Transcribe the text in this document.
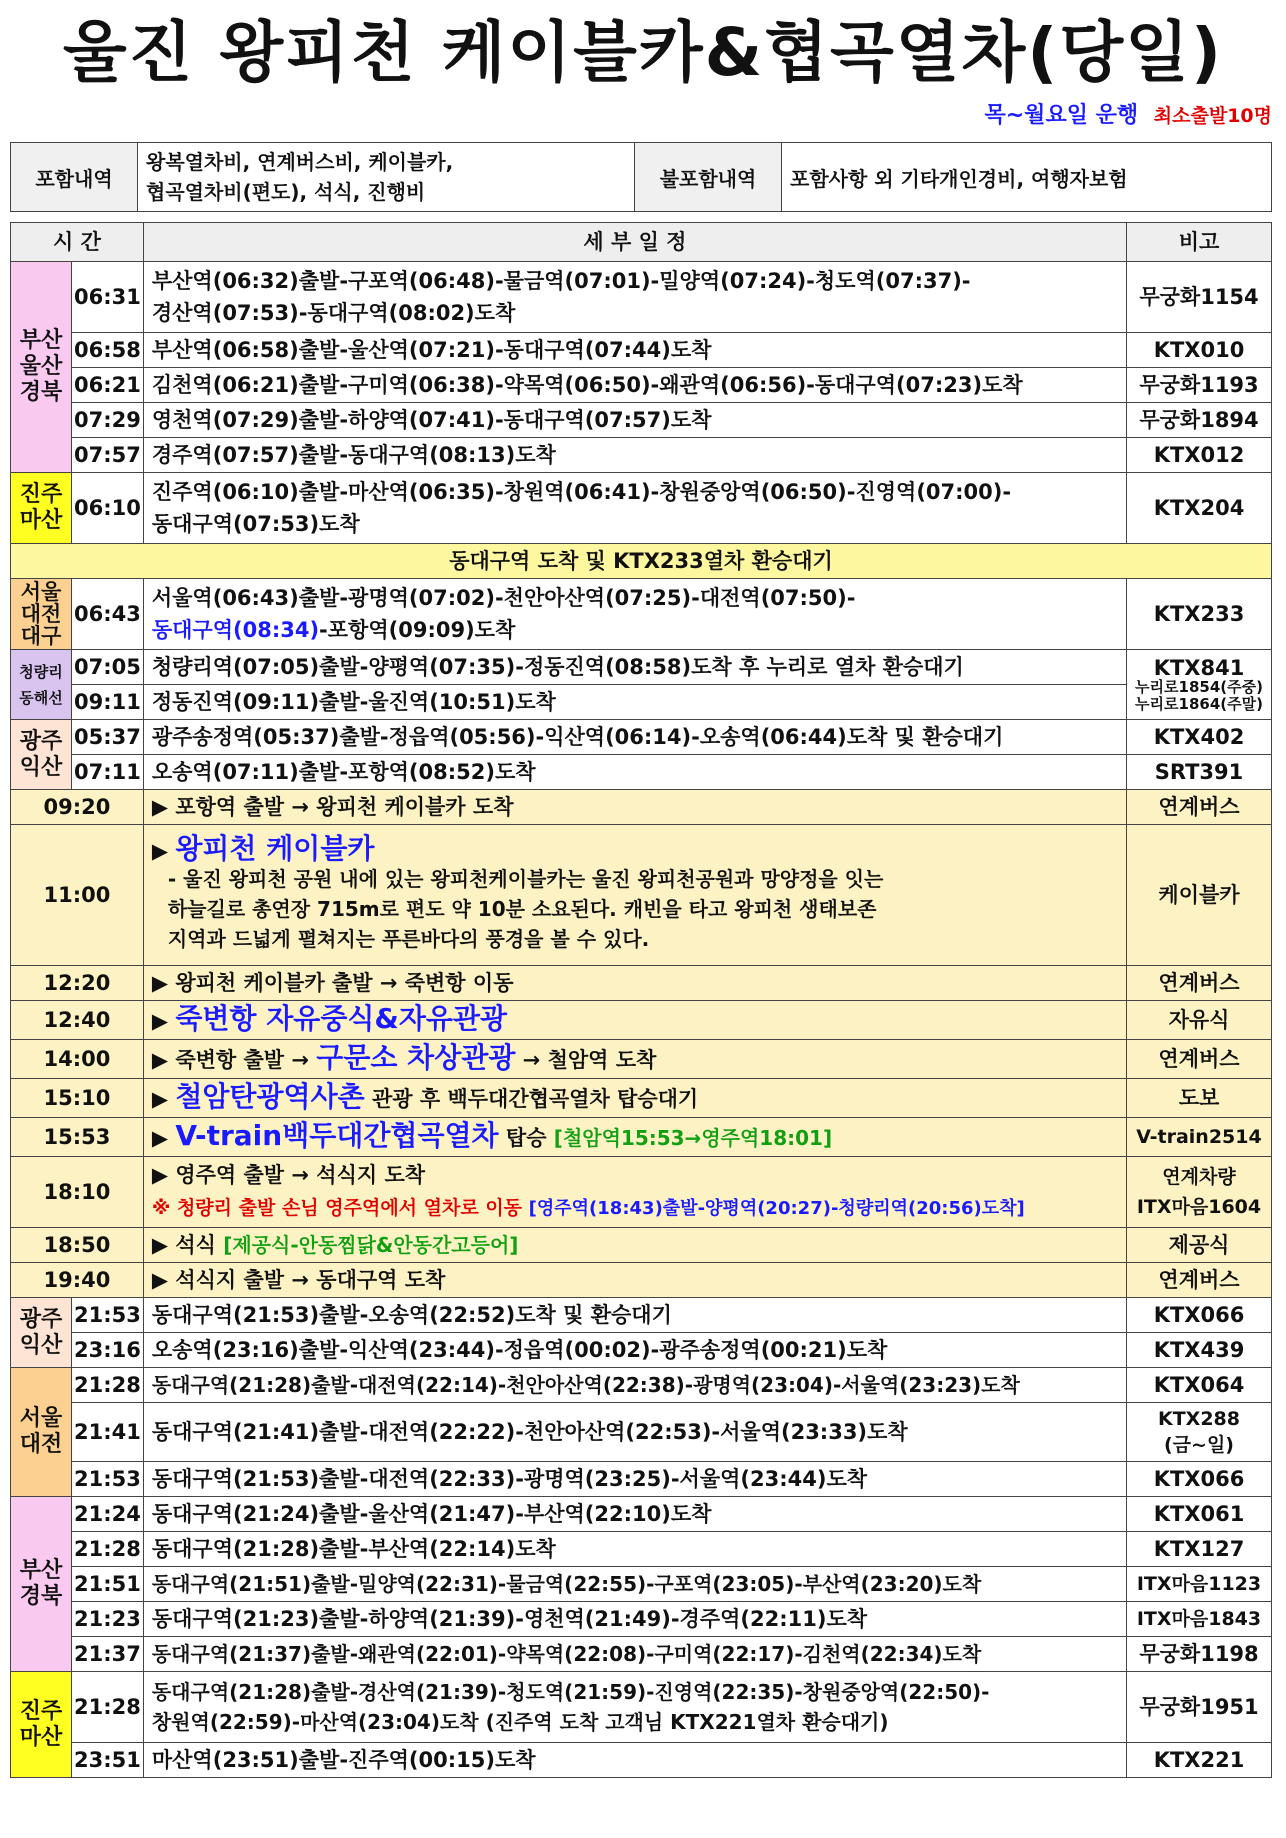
울진 왕피천 케이블카&협곡열차(당일)
목~월요일 운행 최소출발10명
포함내역	왕복열차비, 연계버스비, 케이블카,
협곡열차비(편도), 석식, 진행비	불포함내역	포함사항 외 기타개인경비, 여행자보험
시 간		세 부 일 정	비고
부산
울산
경북	06:31	부산역(06:32)출발-구포역(06:48)-물금역(07:01)-밀양역(07:24)-청도역(07:37)-
경산역(07:53)-동대구역(08:02)도착	무궁화1154
	06:58	부산역(06:58)출발-울산역(07:21)-동대구역(07:44)도착	KTX010
	06:21	김천역(06:21)출발-구미역(06:38)-약목역(06:50)-왜관역(06:56)-동대구역(07:23)도착	무궁화1193
	07:29	영천역(07:29)출발-하양역(07:41)-동대구역(07:57)도착	무궁화1894
	07:57	경주역(07:57)출발-동대구역(08:13)도착	KTX012
진주
마산	06:10	진주역(06:10)출발-마산역(06:35)-창원역(06:41)-창원중앙역(06:50)-진영역(07:00)-
동대구역(07:53)도착	KTX204
동대구역 도착 및 KTX233열차 환승대기			
서울
대전
대구	06:43	서울역(06:43)출발-광명역(07:02)-천안아산역(07:25)-대전역(07:50)-
동대구역(08:34)-포항역(09:09)도착	KTX233
청량리
동해선	07:05	청량리역(07:05)출발-양평역(07:35)-정동진역(08:58)도착 후 누리로 열차 환승대기	KTX841
누리로1854(주중)
누리로1864(주말)

	09:11	정동진역(09:11)출발-울진역(10:51)도착	
광주
익산	05:37	광주송정역(05:37)출발-정읍역(05:56)-익산역(06:14)-오송역(06:44)도착 및 환승대기	KTX402
	07:11	오송역(07:11)출발-포항역(08:52)도착	SRT391
09:20		▶ 포항역 출발 → 왕피천 케이블카 도착	연계버스
11:00		▶ 왕피천 케이블카
- 울진 왕피천 공원 내에 있는 왕피천케이블카는 울진 왕피천공원과 망양정을 잇는
하늘길로 총연장 715m로 편도 약 10분 소요된다. 캐빈을 타고 왕피천 생태보존
지역과 드넓게 펼쳐지는 푸른바다의 풍경을 볼 수 있다.	케이블카
12:20		▶ 왕피천 케이블카 출발 → 죽변항 이동	연계버스
12:40		▶ 죽변항 자유중식&자유관광	자유식
14:00		▶ 죽변항 출발 → 구문소 차상관광 → 철암역 도착	연계버스
15:10		▶ 철암탄광역사촌 관광 후 백두대간협곡열차 탑승대기	도보
15:53		▶ V-train백두대간협곡열차 탑승 [철암역15:53→영주역18:01]	V-train2514
18:10		▶ 영주역 출발 → 석식지 도착
※ 청량리 출발 손님 영주역에서 열차로 이동 [영주역(18:43)출발-양평역(20:27)-청량리역(20:56)도착]	연계차량
ITX마음1604
18:50		▶ 석식 [제공식-안동찜닭&안동간고등어]	제공식
19:40		▶ 석식지 출발 → 동대구역 도착	연계버스
광주
익산	21:53	동대구역(21:53)출발-오송역(22:52)도착 및 환승대기	KTX066
	23:16	오송역(23:16)출발-익산역(23:44)-정읍역(00:02)-광주송정역(00:21)도착	KTX439
서울
대전	21:28	동대구역(21:28)출발-대전역(22:14)-천안아산역(22:38)-광명역(23:04)-서울역(23:23)도착	KTX064
	21:41	동대구역(21:41)출발-대전역(22:22)-천안아산역(22:53)-서울역(23:33)도착	KTX288
(금~일)
	21:53	동대구역(21:53)출발-대전역(22:33)-광명역(23:25)-서울역(23:44)도착	KTX066
부산
경북	21:24	동대구역(21:24)출발-울산역(21:47)-부산역(22:10)도착	KTX061
	21:28	동대구역(21:28)출발-부산역(22:14)도착	KTX127
	21:51	동대구역(21:51)출발-밀양역(22:31)-물금역(22:55)-구포역(23:05)-부산역(23:20)도착	ITX마음1123
	21:23	동대구역(21:23)출발-하양역(21:39)-영천역(21:49)-경주역(22:11)도착	ITX마음1843
	21:37	동대구역(21:37)출발-왜관역(22:01)-약목역(22:08)-구미역(22:17)-김천역(22:34)도착	무궁화1198
진주
마산	21:28	동대구역(21:28)출발-경산역(21:39)-청도역(21:59)-진영역(22:35)-창원중앙역(22:50)-
창원역(22:59)-마산역(23:04)도착 (진주역 도착 고객님 KTX221열차 환승대기)	무궁화1951
	23:51	마산역(23:51)출발-진주역(00:15)도착	KTX221
